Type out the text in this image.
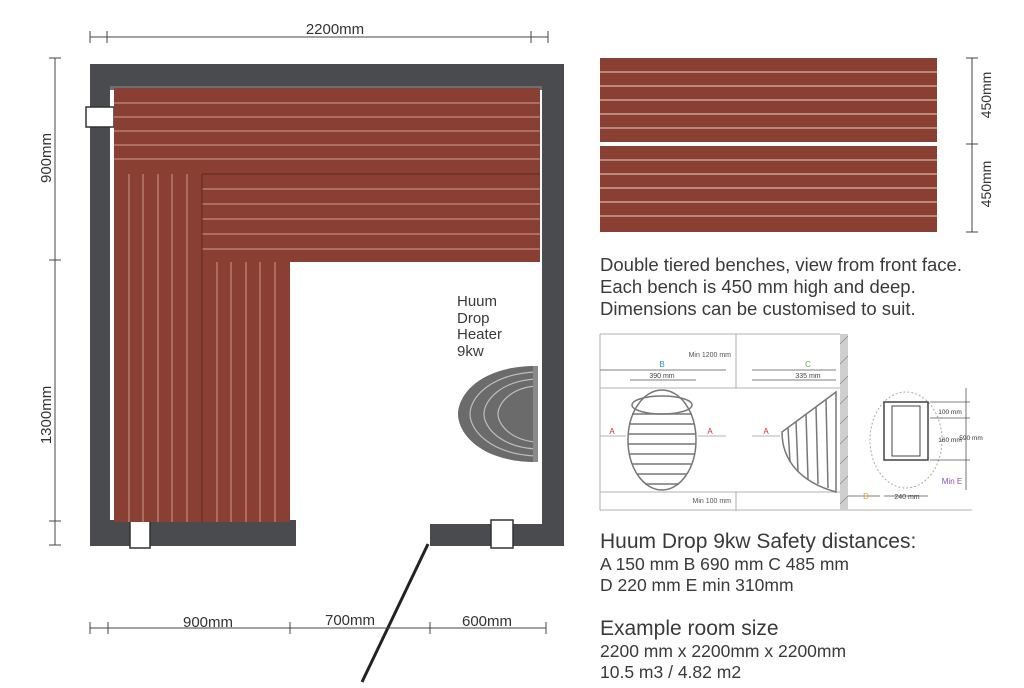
2200mm
900mm
1300mm
900mm	700mm	600mm
450mm
450mm
Min 1200 mm
B	C
390 mm	335 mm
A	A	A
Min 100 mm
100 mm
160 mm
590 mm
240 mm
D
Min E
Huum Drop Heater 9kw
Double tiered benches, view from front face.
Each bench is 450 mm high and deep.
Dimensions can be customised to suit.
Huum Drop 9kw Safety distances:
A 150 mm B 690 mm C 485 mm
D 220 mm E min 310mm
Example room size
2200 mm x 2200mm x 2200mm
10.5 m3 / 4.82 m2
